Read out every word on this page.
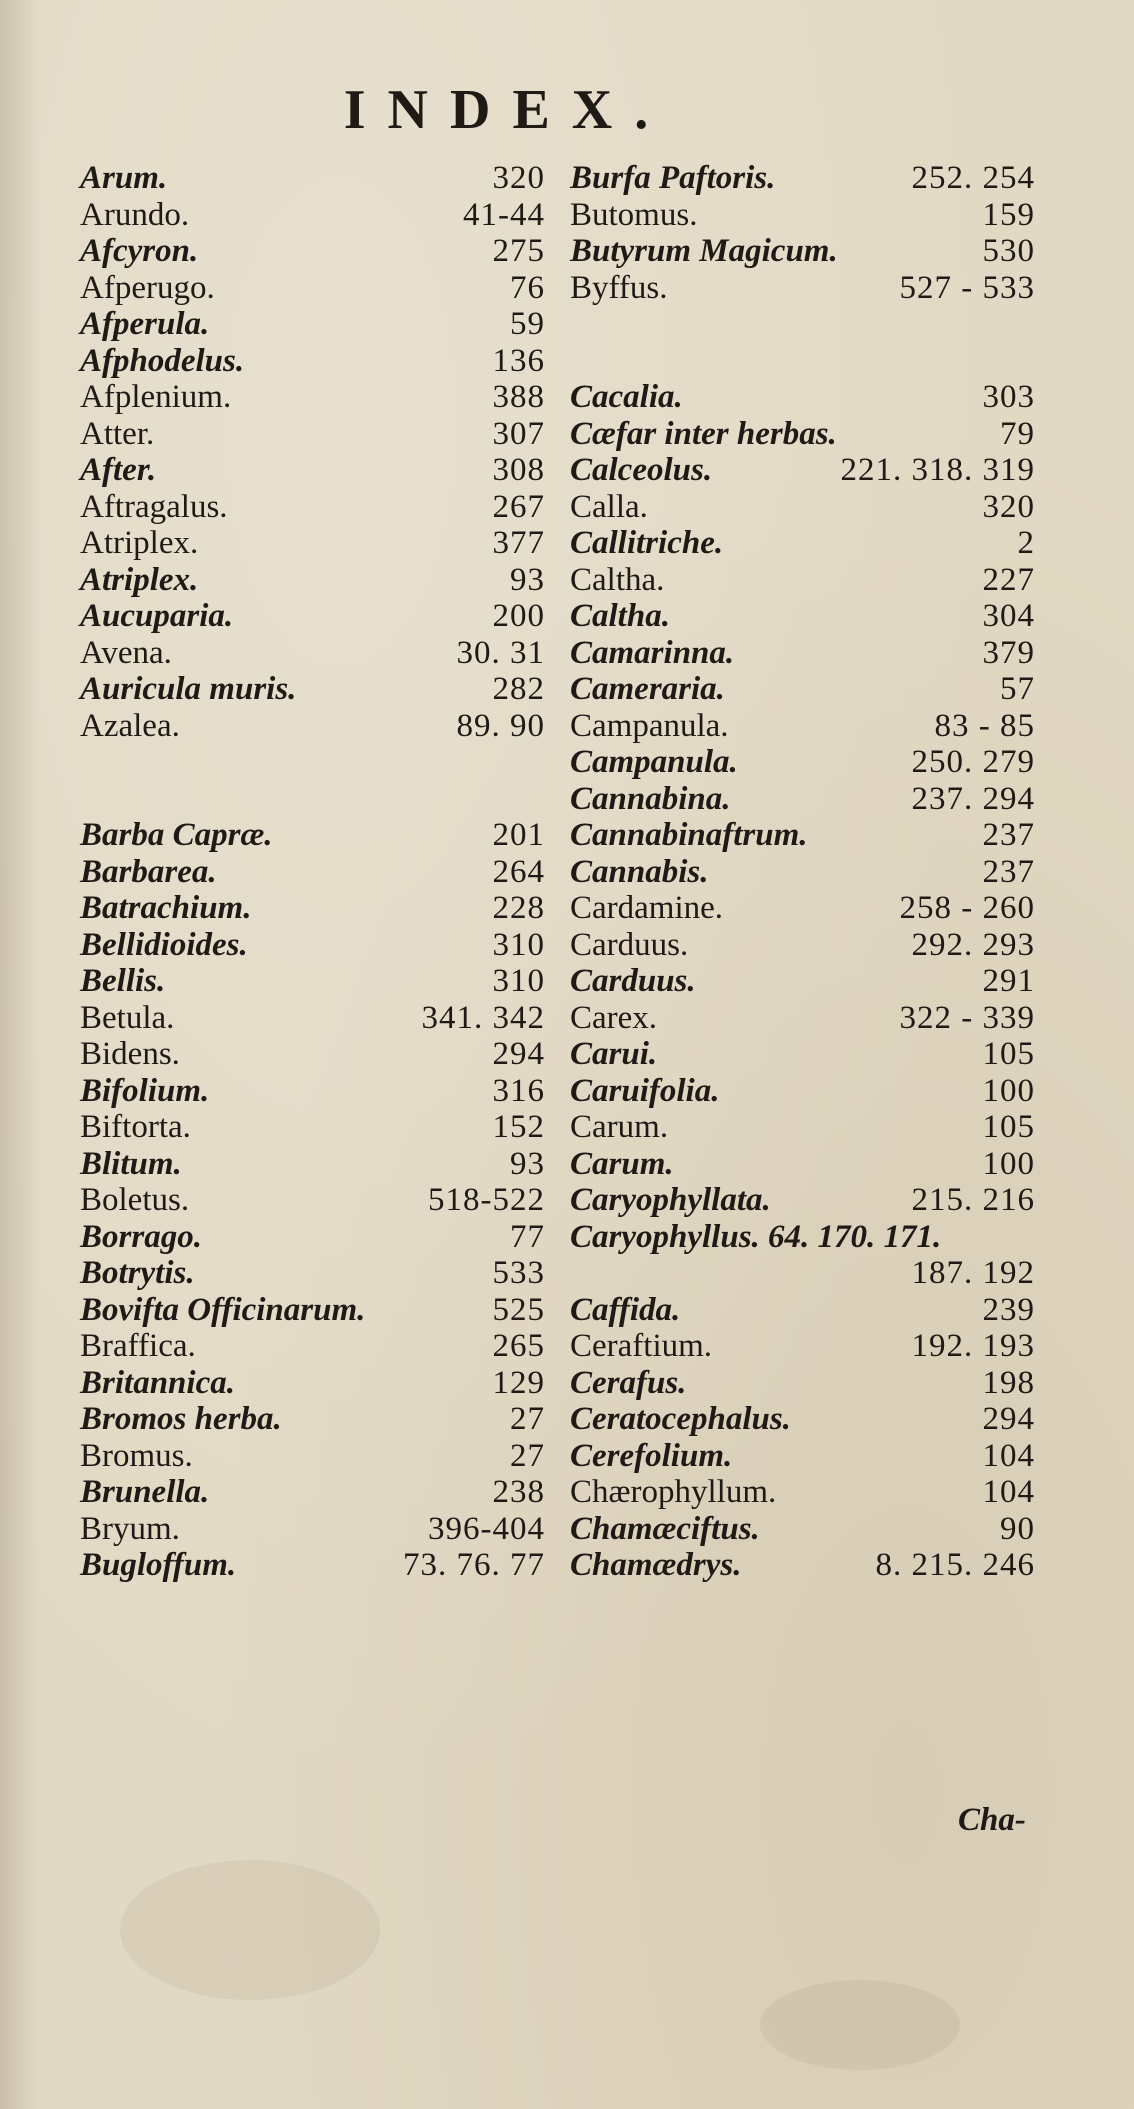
INDEX.
Arum.	320
Arundo.	41-44
Afcyron.	275
Afperugo.	76
Afperula.	59
Afphodelus.	136
Afplenium.	388
Atter.	307
After.	308
Aftragalus.	267
Atriplex.	377
Atriplex.	93
Aucuparia.	200
Avena.	30. 31
Auricula muris.	282
Azalea.	89. 90
Barba Capræ.	201
Barbarea.	264
Batrachium.	228
Bellidioides.	310
Bellis.	310
Betula.	341. 342
Bidens.	294
Bifolium.	316
Biftorta.	152
Blitum.	93
Boletus.	518-522
Borrago.	77
Botrytis.	533
Bovifta Officinarum.	525
Braffica.	265
Britannica.	129
Bromos herba.	27
Bromus.	27
Brunella.	238
Bryum.	396-404
Bugloffum.	73. 76. 77
Burfa Paftoris.	252. 254
Butomus.	159
Butyrum Magicum.	530
Byffus.	527 - 533
Cacalia.	303
Cæfar inter herbas.	79
Calceolus.	221. 318. 319
Calla.	320
Callitriche.	2
Caltha.	227
Caltha.	304
Camarinna.	379
Cameraria.	57
Campanula.	83 - 85
Campanula.	250. 279
Cannabina.	237. 294
Cannabinaftrum.	237
Cannabis.	237
Cardamine.	258 - 260
Carduus.	292. 293
Carduus.	291
Carex.	322 - 339
Carui.	105
Caruifolia.	100
Carum.	105
Carum.	100
Caryophyllata.	215. 216
Caryophyllus. 64. 170. 171.
187. 192
Caffida.	239
Ceraftium.	192. 193
Cerafus.	198
Ceratocephalus.	294
Cerefolium.	104
Chærophyllum.	104
Chamæciftus.	90
Chamædrys.	8. 215. 246
Cha-
